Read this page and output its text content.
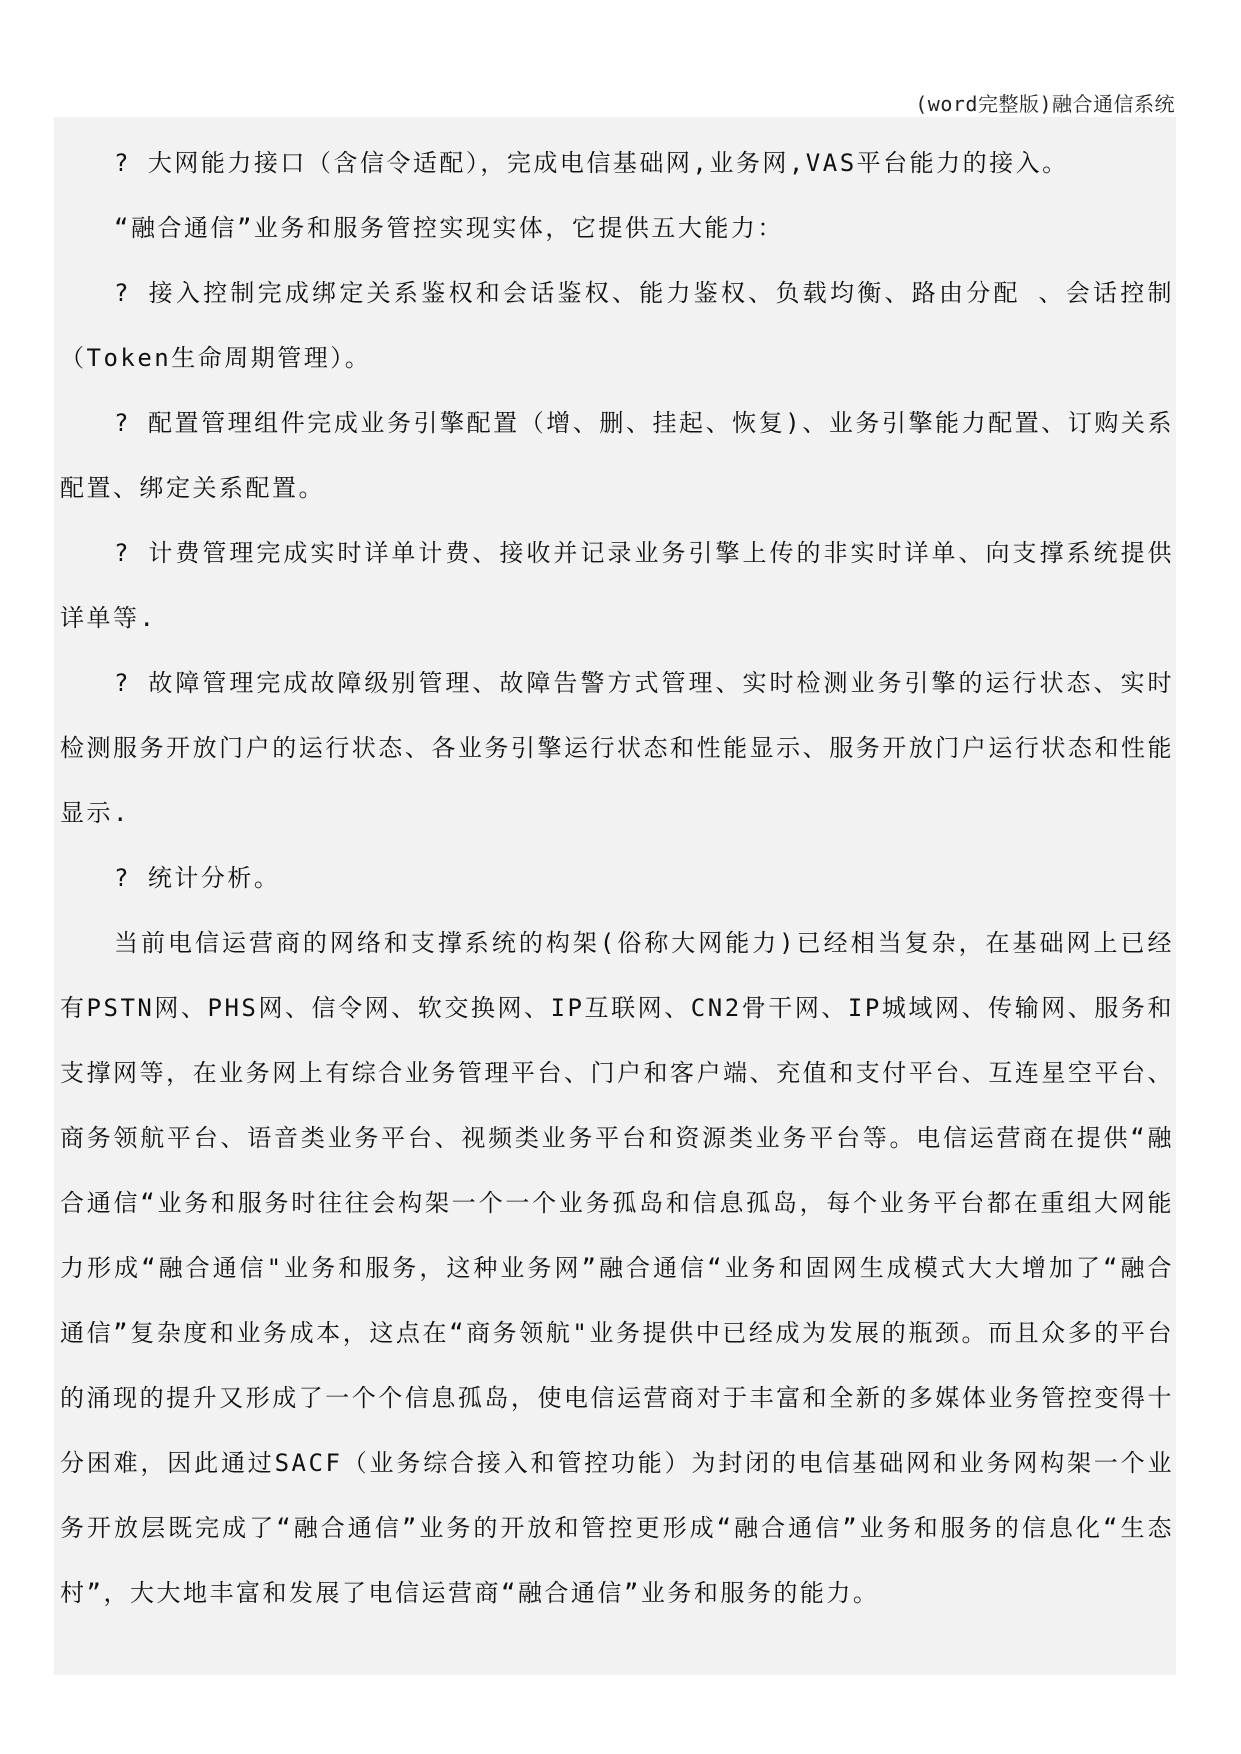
(word完整版)融合通信系统

? 大网能力接口（含信令适配），完成电信基础网,业务网,VAS平台能力的接入。

“融合通信”业务和服务管控实现实体，它提供五大能力：

? 接入控制完成绑定关系鉴权和会话鉴权、能力鉴权、负载均衡、路由分配 、会话控制（Token生命周期管理）。

? 配置管理组件完成业务引擎配置（增、删、挂起、恢复)、业务引擎能力配置、订购关系配置、绑定关系配置。

? 计费管理完成实时详单计费、接收并记录业务引擎上传的非实时详单、向支撑系统提供详单等.

? 故障管理完成故障级别管理、故障告警方式管理、实时检测业务引擎的运行状态、实时检测服务开放门户的运行状态、各业务引擎运行状态和性能显示、服务开放门户运行状态和性能显示.

? 统计分析。

当前电信运营商的网络和支撑系统的构架(俗称大网能力)已经相当复杂，在基础网上已经有PSTN网、PHS网、信令网、软交换网、IP互联网、CN2骨干网、IP城域网、传输网、服务和支撑网等，在业务网上有综合业务管理平台、门户和客户端、充值和支付平台、互连星空平台、商务领航平台、语音类业务平台、视频类业务平台和资源类业务平台等。电信运营商在提供“融合通信“业务和服务时往往会构架一个一个业务孤岛和信息孤岛，每个业务平台都在重组大网能力形成“融合通信"业务和服务，这种业务网”融合通信“业务和固网生成模式大大增加了“融合通信”复杂度和业务成本，这点在“商务领航"业务提供中已经成为发展的瓶颈。而且众多的平台的涌现的提升又形成了一个个信息孤岛，使电信运营商对于丰富和全新的多媒体业务管控变得十分困难，因此通过SACF（业务综合接入和管控功能）为封闭的电信基础网和业务网构架一个业务开放层既完成了“融合通信”业务的开放和管控更形成“融合通信”业务和服务的信息化“生态村”，大大地丰富和发展了电信运营商“融合通信”业务和服务的能力。
